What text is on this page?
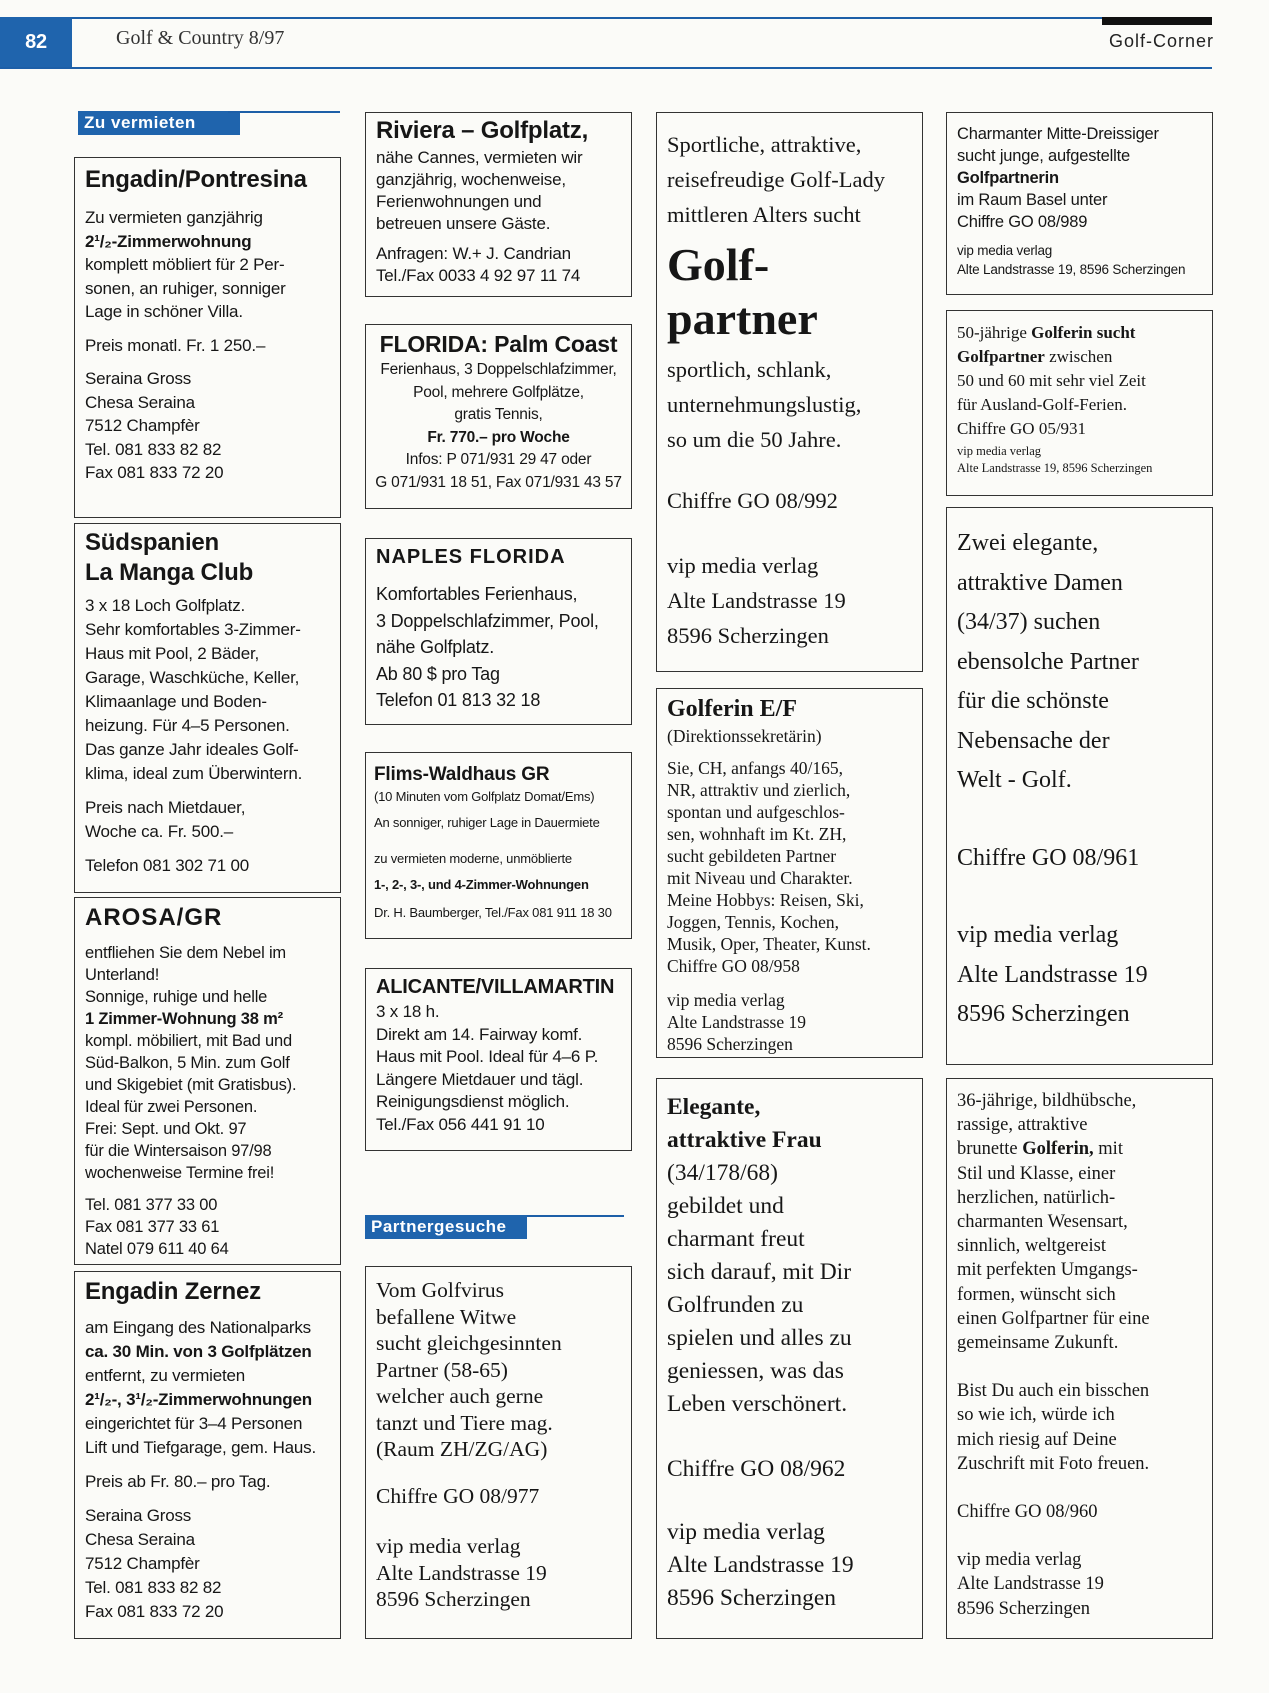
82	Golf & Country 8/97	Golf-Corner
Zu vermieten

Engadin/Pontresina

Zu vermieten ganzjährig

2¹/₂-Zimmerwohnung

komplett möbliert für 2 Per-

sonen, an ruhiger, sonniger

Lage in schöner Villa.

Preis monatl. Fr. 1 250.–

Seraina Gross

Chesa Seraina

7512 Champfèr

Tel. 081 833 82 82

Fax 081 833 72 20

Südspanien

La Manga Club

3 x 18 Loch Golfplatz.

Sehr komfortables 3-Zimmer-

Haus mit Pool, 2 Bäder,

Garage, Waschküche, Keller,

Klimaanlage und Boden-

heizung. Für 4–5 Personen.

Das ganze Jahr ideales Golf-

klima, ideal zum Überwintern.

Preis nach Mietdauer,

Woche ca. Fr. 500.–

Telefon 081 302 71 00

AROSA/GR

entfliehen Sie dem Nebel im

Unterland!

Sonnige, ruhige und helle

1 Zimmer-Wohnung 38 m²

kompl. möbiliert, mit Bad und

Süd-Balkon, 5 Min. zum Golf

und Skigebiet (mit Gratisbus).

Ideal für zwei Personen.

Frei: Sept. und Okt. 97

für die Wintersaison 97/98

wochenweise Termine frei!

Tel. 081 377 33 00

Fax 081 377 33 61

Natel 079 611 40 64

Engadin Zernez

am Eingang des Nationalparks

ca. 30 Min. von 3 Golfplätzen

entfernt, zu vermieten

2¹/₂-, 3¹/₂-Zimmerwohnungen

eingerichtet für 3–4 Personen

Lift und Tiefgarage, gem. Haus.

Preis ab Fr. 80.– pro Tag.

Seraina Gross

Chesa Seraina

7512 Champfèr

Tel. 081 833 82 82

Fax 081 833 72 20

Riviera – Golfplatz,

nähe Cannes, vermieten wir

ganzjährig, wochenweise,

Ferienwohnungen und

betreuen unsere Gäste.

Anfragen: W.+ J. Candrian

Tel./Fax 0033 4 92 97 11 74

FLORIDA: Palm Coast

Ferienhaus, 3 Doppelschlafzimmer,

Pool, mehrere Golfplätze,

gratis Tennis,

Fr. 770.– pro Woche

Infos: P 071/931 29 47 oder

G 071/931 18 51, Fax 071/931 43 57

NAPLES FLORIDA

Komfortables Ferienhaus,

3 Doppelschlafzimmer, Pool,

nähe Golfplatz.

Ab 80 $ pro Tag

Telefon 01 813 32 18

Flims-Waldhaus GR

(10 Minuten vom Golfplatz Domat/Ems)

An sonniger, ruhiger Lage in Dauermiete

zu vermieten moderne, unmöblierte

1-, 2-, 3-, und 4-Zimmer-Wohnungen

Dr. H. Baumberger, Tel./Fax 081 911 18 30

ALICANTE/VILLAMARTIN

3 x 18 h.

Direkt am 14. Fairway komf.

Haus mit Pool. Ideal für 4–6 P.

Längere Mietdauer und tägl.

Reinigungsdienst möglich.

Tel./Fax 056 441 91 10

Partnergesuche

Vom Golfvirus

befallene Witwe

sucht gleichgesinnten

Partner (58-65)

welcher auch gerne

tanzt und Tiere mag.

(Raum ZH/ZG/AG)

Chiffre GO 08/977

vip media verlag

Alte Landstrasse 19

8596 Scherzingen

Sportliche, attraktive,

reisefreudige Golf-Lady

mittleren Alters sucht

Golf-

partner

sportlich, schlank,

unternehmungslustig,

so um die 50 Jahre.

Chiffre GO 08/992

vip media verlag

Alte Landstrasse 19

8596 Scherzingen

Golferin E/F

(Direktionssekretärin)

Sie, CH, anfangs 40/165,

NR, attraktiv und zierlich,

spontan und aufgeschlos-

sen, wohnhaft im Kt. ZH,

sucht gebildeten Partner

mit Niveau und Charakter.

Meine Hobbys: Reisen, Ski,

Joggen, Tennis, Kochen,

Musik, Oper, Theater, Kunst.

Chiffre GO 08/958

vip media verlag

Alte Landstrasse 19

8596 Scherzingen

Elegante,

attraktive Frau

(34/178/68)

gebildet und

charmant freut

sich darauf, mit Dir

Golfrunden zu

spielen und alles zu

geniessen, was das

Leben verschönert.

Chiffre GO 08/962

vip media verlag

Alte Landstrasse 19

8596 Scherzingen

Charmanter Mitte-Dreissiger

sucht junge, aufgestellte

Golfpartnerin

im Raum Basel unter

Chiffre GO 08/989

vip media verlag

Alte Landstrasse 19, 8596 Scherzingen

50-jährige Golferin sucht

Golfpartner zwischen

50 und 60 mit sehr viel Zeit

für Ausland-Golf-Ferien.

Chiffre GO 05/931

vip media verlag

Alte Landstrasse 19, 8596 Scherzingen

Zwei elegante,

attraktive Damen

(34/37) suchen

ebensolche Partner

für die schönste

Nebensache der

Welt - Golf.

Chiffre GO 08/961

vip media verlag

Alte Landstrasse 19

8596 Scherzingen

36-jährige, bildhübsche,

rassige, attraktive

brunette Golferin, mit

Stil und Klasse, einer

herzlichen, natürlich-

charmanten Wesensart,

sinnlich, weltgereist

mit perfekten Umgangs-

formen, wünscht sich

einen Golfpartner für eine

gemeinsame Zukunft.

Bist Du auch ein bisschen

so wie ich, würde ich

mich riesig auf Deine

Zuschrift mit Foto freuen.

Chiffre GO 08/960

vip media verlag

Alte Landstrasse 19

8596 Scherzingen
